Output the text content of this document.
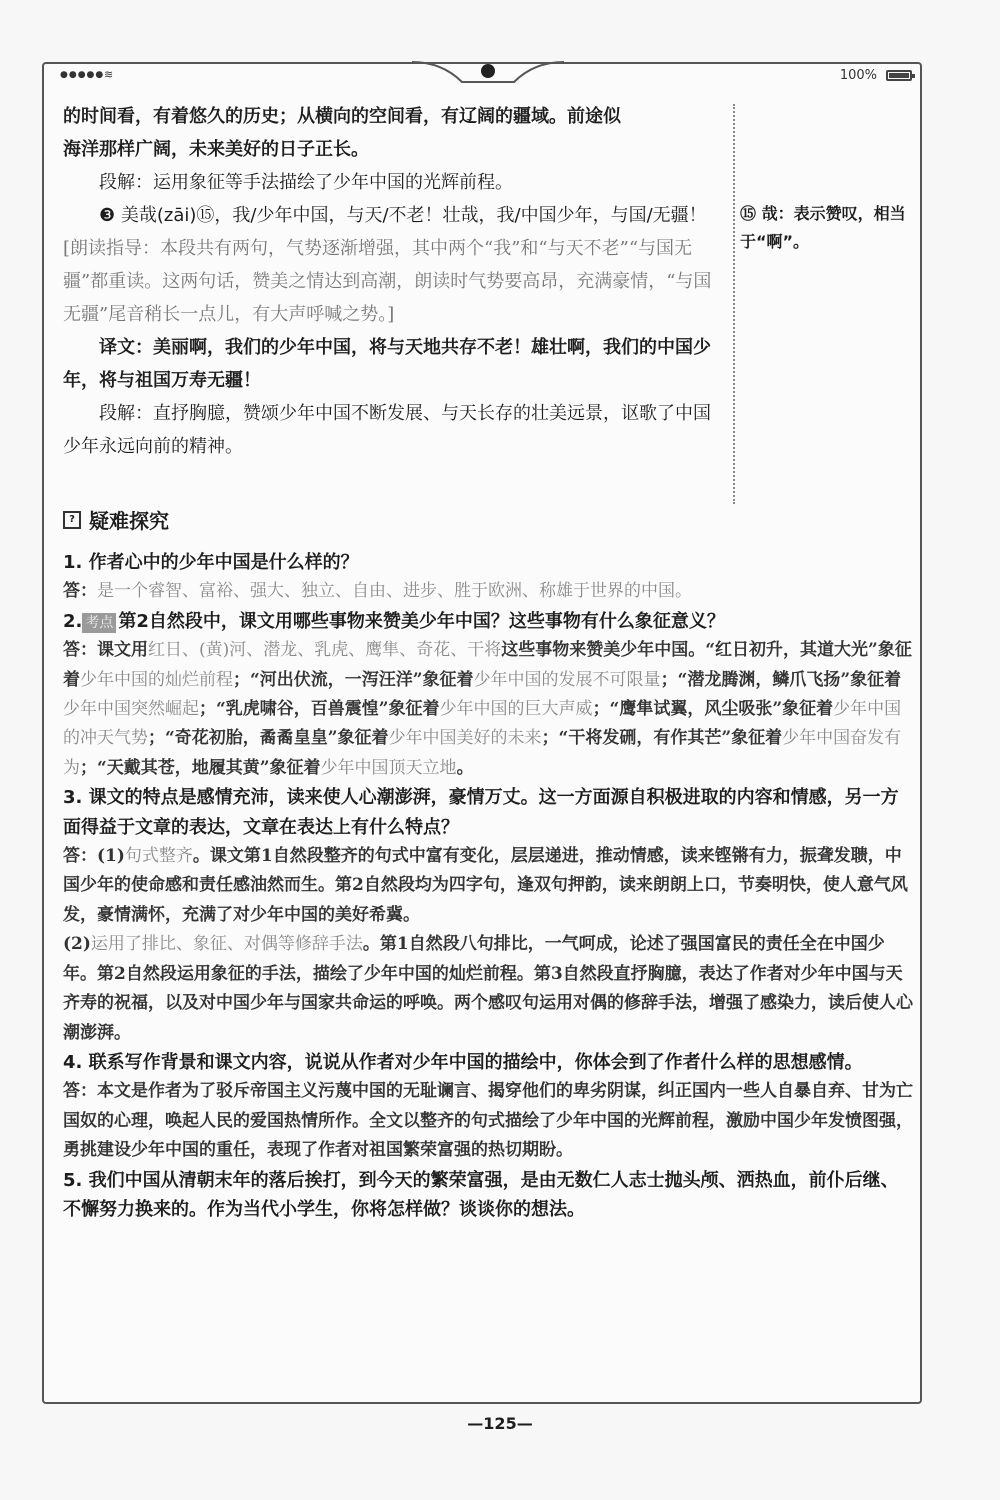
●●●●● ≋	100%

的时间看，有着悠久的历史；从横向的空间看，有辽阔的疆域。前途似

海洋那样广阔，未来美好的日子正长。

段解：运用象征等手法描绘了少年中国的光辉前程。

❸ 美哉(zāi)⑮，我/少年中国，与天/不老！壮哉，我/中国少年，与国/无疆！[朗读指导：本段共有两句，气势逐渐增强，其中两个“我”和“与天不老”“与国无疆”都重读。这两句话，赞美之情达到高潮，朗读时气势要高昂，充满豪情，“与国无疆”尾音稍长一点儿，有大声呼喊之势。]

译文：美丽啊，我们的少年中国，将与天地共存不老！雄壮啊，我们的中国少年，将与祖国万寿无疆！

段解：直抒胸臆，赞颂少年中国不断发展、与天长存的壮美远景，讴歌了中国少年永远向前的精神。

⑮ 哉：表示赞叹，相当于“啊”。

? 疑难探究

1. 作者心中的少年中国是什么样的？

答：是一个睿智、富裕、强大、独立、自由、进步、胜于欧洲、称雄于世界的中国。

2. 考点 第2自然段中，课文用哪些事物来赞美少年中国？这些事物有什么象征意义？

答：课文用红日、(黄)河、潜龙、乳虎、鹰隼、奇花、干将这些事物来赞美少年中国。“红日初升，其道大光”象征着少年中国的灿烂前程；“河出伏流，一泻汪洋”象征着少年中国的发展不可限量；“潜龙腾渊，鳞爪飞扬”象征着少年中国突然崛起；“乳虎啸谷，百兽震惶”象征着少年中国的巨大声威；“鹰隼试翼，风尘吸张”象征着少年中国的冲天气势；“奇花初胎，矞矞皇皇”象征着少年中国美好的未来；“干将发硎，有作其芒”象征着少年中国奋发有为；“天戴其苍，地履其黄”象征着少年中国顶天立地。

3. 课文的特点是感情充沛，读来使人心潮澎湃，豪情万丈。这一方面源自积极进取的内容和情感，另一方面得益于文章的表达，文章在表达上有什么特点？

答：(1)句式整齐。课文第1自然段整齐的句式中富有变化，层层递进，推动情感，读来铿锵有力，振聋发聩，中国少年的使命感和责任感油然而生。第2自然段均为四字句，逢双句押韵，读来朗朗上口，节奏明快，使人意气风发，豪情满怀，充满了对少年中国的美好希冀。

(2)运用了排比、象征、对偶等修辞手法。第1自然段八句排比，一气呵成，论述了强国富民的责任全在中国少年。第2自然段运用象征的手法，描绘了少年中国的灿烂前程。第3自然段直抒胸臆，表达了作者对少年中国与天齐寿的祝福，以及对中国少年与国家共命运的呼唤。两个感叹句运用对偶的修辞手法，增强了感染力，读后使人心潮澎湃。

4. 联系写作背景和课文内容，说说从作者对少年中国的描绘中，你体会到了作者什么样的思想感情。

答：本文是作者为了驳斥帝国主义污蔑中国的无耻谰言、揭穿他们的卑劣阴谋，纠正国内一些人自暴自弃、甘为亡国奴的心理，唤起人民的爱国热情所作。全文以整齐的句式描绘了少年中国的光辉前程，激励中国少年发愤图强，勇挑建设少年中国的重任，表现了作者对祖国繁荣富强的热切期盼。

5. 我们中国从清朝末年的落后挨打，到今天的繁荣富强，是由无数仁人志士抛头颅、洒热血，前仆后继、不懈努力换来的。作为当代小学生，你将怎样做？谈谈你的想法。

—125—
